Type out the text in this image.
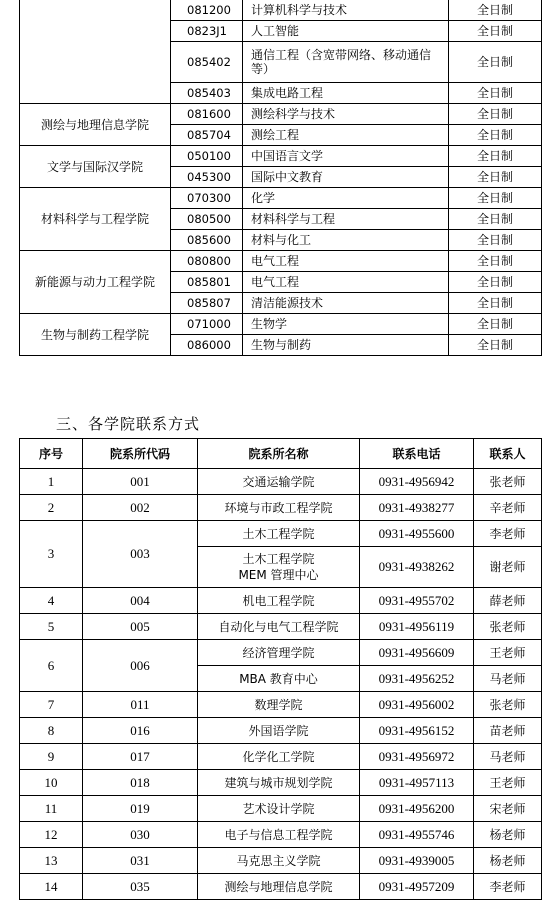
	081200	计算机科学与技术	全日制
	0823J1	人工智能	全日制
	085402	通信工程（含宽带网络、移动通信等）	全日制
	085403	集成电路工程	全日制
测绘与地理信息学院	081600	测绘科学与技术	全日制
	085704	测绘工程	全日制
文学与国际汉学院	050100	中国语言文学	全日制
	045300	国际中文教育	全日制
材料科学与工程学院	070300	化学	全日制
	080500	材料科学与工程	全日制
	085600	材料与化工	全日制
新能源与动力工程学院	080800	电气工程	全日制
	085801	电气工程	全日制
	085807	清洁能源技术	全日制
生物与制药工程学院	071000	生物学	全日制
	086000	生物与制药	全日制
三、各学院联系方式
序号	院系所代码	院系所名称	联系电话	联系人
1	001	交通运输学院	0931-4956942	张老师
2	002	环境与市政工程学院	0931-4938277	辛老师
3	003	土木工程学院	0931-4955600	李老师
		土木工程学院 MEM 管理中心	0931-4938262	谢老师
4	004	机电工程学院	0931-4955702	薛老师
5	005	自动化与电气工程学院	0931-4956119	张老师
6	006	经济管理学院	0931-4956609	王老师
		MBA 教育中心	0931-4956252	马老师
7	011	数理学院	0931-4956002	张老师
8	016	外国语学院	0931-4956152	苗老师
9	017	化学化工学院	0931-4956972	马老师
10	018	建筑与城市规划学院	0931-4957113	王老师
11	019	艺术设计学院	0931-4956200	宋老师
12	030	电子与信息工程学院	0931-4955746	杨老师
13	031	马克思主义学院	0931-4939005	杨老师
14	035	测绘与地理信息学院	0931-4957209	李老师
